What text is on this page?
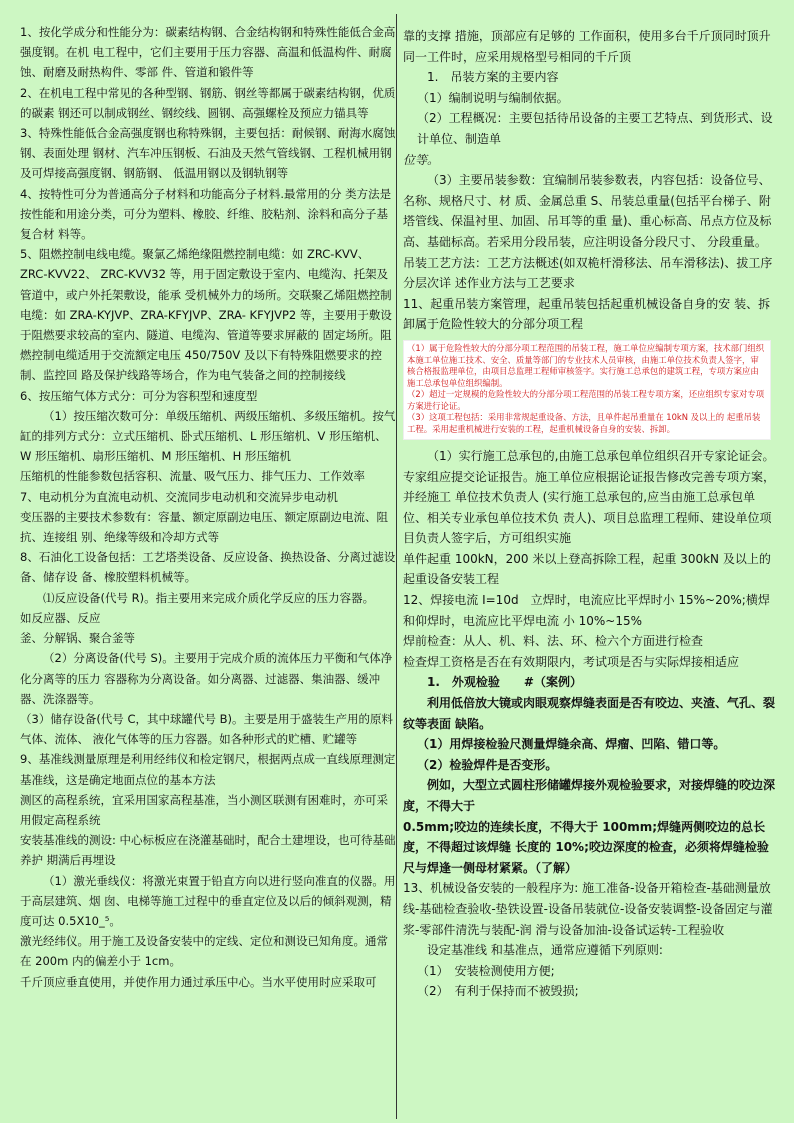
1、按化学成分和性能分为：碳素结构钢、合金结构钢和特殊性能低合金高强度钢。在机 电工程中，它们主要用于压力容器、高温和低温构件、耐腐蚀、耐磨及耐热构件、零部 件、管道和锻件等

2、在机电工程中常见的各种型钢、钢筋、钢丝等都属于碳素结构钢，优质的碳素 钢还可以制成钢丝、钢绞线、圆钢、高强螺栓及预应力锚具等

3、特殊性能低合金高强度钢也称特殊钢，主要包括：耐候钢、耐海水腐蚀钢、表面处理 钢材、汽车冲压钢板、石油及天然气管线钢、工程机械用钢及可焊接高强度钢、钢筋钢、 低温用钢以及钢轨钢等

4、按特性可分为普通高分子材料和功能高分子材料.最常用的分 类方法是按性能和用途分类，可分为塑料、橡胶、纤维、胶粘剂、涂料和高分子基复合材 料等。

5、阻燃控制电线电缆。聚氯乙烯绝缘阻燃控制电缆：如 ZRC-KVV、 ZRC-KVV22、 ZRC-KVV32 等，用于固定敷设于室内、电缆沟、托架及管道中，或户外托架敷设，能承 受机械外力的场所。交联聚乙烯阻燃控制电缆：如 ZRA-KYJVP、ZRA-KFYJVP、ZRA- KFYJVP2 等，主要用于敷设于阻燃要求较高的室内、隧道、电缆沟、管道等要求屏蔽的 固定场所。阻燃控制电缆适用于交流额定电压 450/750V 及以下有特殊阻燃要求的控制、监控回 路及保护线路等场合，作为电气装备之间的控制接线

6、按压缩气体方式分：可分为容积型和速度型

（1）按压缩次数可分：单级压缩机、两级压缩机、多级压缩机。按气缸的排列方式分：立式压缩机、卧式压缩机、L 形压缩机、V 形压缩机、W 形压缩机、扇形压缩机、M 形压缩机、H 形压缩机

压缩机的性能参数包括容积、流量、吸气压力、排气压力、工作效率

7、电动机分为直流电动机、交流同步电动机和交流异步电动机

变压器的主要技术参数有：容量、额定原副边电压、额定原副边电流、阻抗、连接组 别、绝缘等级和冷却方式等

8、石油化工设备包括：工艺塔类设备、反应设备、换热设备、分离过滤设备、储存设 备、橡胶塑料机械等。

⑴反应设备(代号 R)。指主要用来完成介质化学反应的压力容器。

如反应器、反应

釜、分解锅、聚合釜等

（2）分离设备(代号 S)。主要用于完成介质的流体压力平衡和气体净化分离等的压力 容器称为分离设备。如分离器、过滤器、集油器、缓冲器、洗涤器等。

（3）储存设备(代号 C，其中球罐代号 B)。主要是用于盛装生产用的原料气体、流体、 液化气体等的压力容器。如各种形式的贮槽、贮罐等

9、基准线测量原理是利用经纬仪和检定钢尺，根据两点成一直线原理测定基准线，这是确定地面点位的基本方法

测区的高程系统，宜采用国家高程基准，当小测区联测有困难时，亦可采用假定高程系统

安装基准线的测设: 中心标板应在浇灌基础时，配合土建埋设，也可待基础养护 期满后再埋设

（1）激光垂线仪：将激光束置于铅直方向以进行竖向准直的仪器。用于高层建筑、烟 囱、电梯等施工过程中的垂直定位及以后的倾斜观测，精度可达 0.5X10_⁵。

激光经纬仪。用于施工及设备安装中的定线、定位和测设已知角度。通常在 200m 内的偏差小于 1cm。

千斤顶应垂直使用，并使作用力通过承压中心。当水平使用时应采取可

靠的支撑 措施，顶部应有足够的 工作面积，使用多台千斤顶同时顶升同一工件时，应采用规格型号相同的千斤顶

1.　吊装方案的主要内容

（1）编制说明与编制依据。

（2）工程概况：主要包括待吊设备的主要工艺特点、到货形式、设计单位、制造单

位等。

（3）主要吊装参数：宜编制吊装参数表，内容包括：设备位号、名称、规格尺寸、材 质、金属总重 S、吊装总重量(包括平台梯子、附塔管线、保温衬里、加固、吊耳等的重 量)、重心标高、吊点方位及标高、基础标高。若采用分段吊装，应注明设备分段尺寸、 分段重量。

吊装工艺方法：工艺方法概述(如双桅杆滑移法、吊车滑移法)、拔工序分层次详 述作业方法与工艺要求

11、起重吊装方案管理，起重吊装包括起重机械设备自身的安 装、拆卸属于危险性较大的分部分项工程

（1）属于危险性较大的分部分项工程范围的吊装工程，施工单位应编制专项方案，技术部门组织本施工单位施工技术、安全、质量等部门的专业技术人员审核，由施工单位技术负责人签字，审核合格报监理单位，由项目总监理工程师审核签字。实行施工总承包的建筑工程，专项方案应由施工总承包单位组织编制。

（2）超过一定规模的危险性较大的分部分项工程范围的吊装工程专项方案，还应组织专家对专项方案进行论证。

（3）这项工程包括：采用非常规起重设备、方法，且单件起吊重量在 10kN 及以上的 起重吊装工程。采用起重机械进行安装的工程，起重机械设备自身的安装、拆卸。

（1）实行施工总承包的,由施工总承包单位组织召开专家论证会。专家组应提交论证报告。施工单位应根据论证报告修改完善专项方案，并经施工 单位技术负责人 (实行施工总承包的,应当由施工总承包单位、相关专业承包单位技术负 责人)、项目总监理工程师、建设单位项目负责人签字后，方可组织实施

单件起重 100kN，200 米以上登高拆除工程，起重 300kN 及以上的起重设备安装工程

12、焊接电流 I=10d　立焊时，电流应比平焊时小 15%~20%;横焊和仰焊时，电流应比平焊电流 小 10%~15%

焊前检查：从人、机、料、法、环、检六个方面进行检查

检查焊工资格是否在有效期限内，考试项是否与实际焊接相适应

1.　外观检验　　#（案例）

利用低倍放大镜或肉眼观察焊缝表面是否有咬边、夹渣、气孔、裂纹等表面 缺陷。

（1）用焊接检验尺测量焊缝余高、焊瘤、凹陷、错口等。

（2）检验焊件是否变形。

例如，大型立式圆柱形储罐焊接外观检验要求，对接焊缝的咬边深度，不得大于

0.5mm;咬边的连续长度，不得大于 100mm;焊缝两侧咬边的总长度，不得超过该焊缝 长度的 10%;咬边深度的检查，必须将焊缝检验尺与焊逢一侧母材紧紧。（了解）

13、机械设备安装的一般程序为: 施工准备-设备开箱检查-基础测量放线-基础检查验收-垫铁设置-设备吊装就位-设备安装调整-设备固定与灌浆-零部件清洗与装配-润 滑与设备加油-设备试运转-工程验收

设定基准线 和基准点，通常应遵循下列原则:

（1）　安装检测使用方便;

（2）　有利于保持而不被毁损;
